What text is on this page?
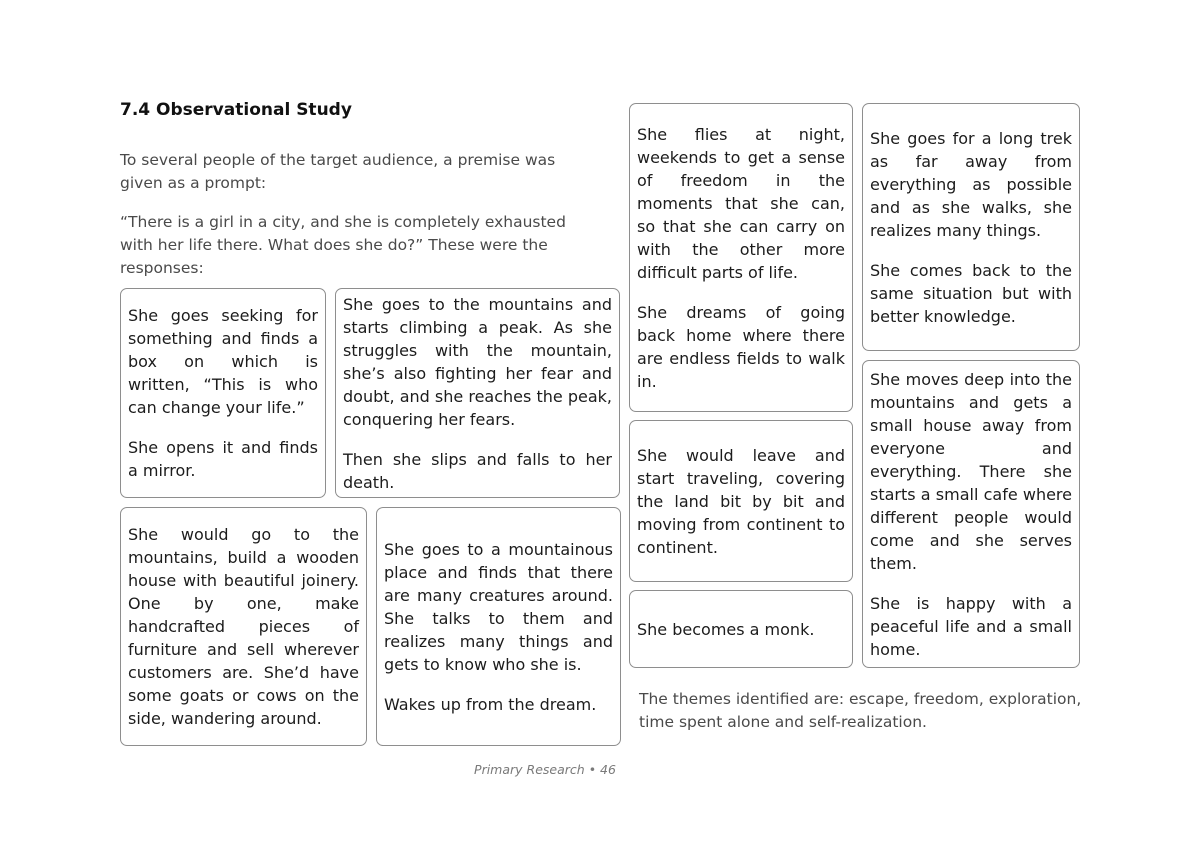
7.4 Observational Study

To several people of the target audience, a premise was given as a prompt:

“There is a girl in a city, and she is completely exhausted with her life there. What does she do?” These were the responses:

She goes seeking for something and finds a box on which is written, “This is who can change your life.”

She opens it and finds a mirror.

She goes to the mountains and starts climbing a peak. As she struggles with the mountain, she’s also fighting her fear and doubt, and she reaches the peak, conquering her fears.

Then she slips and falls to her death.

She would go to the mountains, build a wooden house with beautiful joinery. One by one, make handcrafted pieces of furniture and sell wherever customers are. She’d have some goats or cows on the side, wandering around.

She goes to a mountainous place and finds that there are many creatures around. She talks to them and realizes many things and gets to know who she is.

Wakes up from the dream.

She flies at night, weekends to get a sense of freedom in the moments that she can, so that she can carry on with the other more difficult parts of life.

She dreams of going back home where there are endless fields to walk in.

She would leave and start traveling, covering the land bit by bit and moving from continent to continent.

She becomes a monk.

She goes for a long trek as far away from everything as possible and as she walks, she realizes many things.

She comes back to the same situation but with better knowledge.

She moves deep into the mountains and gets a small house away from everyone and everything. There she starts a small cafe where different people would come and she serves them.

She is happy with a peaceful life and a small home.

The themes identified are: escape, freedom, exploration, time spent alone and self-realization.

Primary Research • 46
